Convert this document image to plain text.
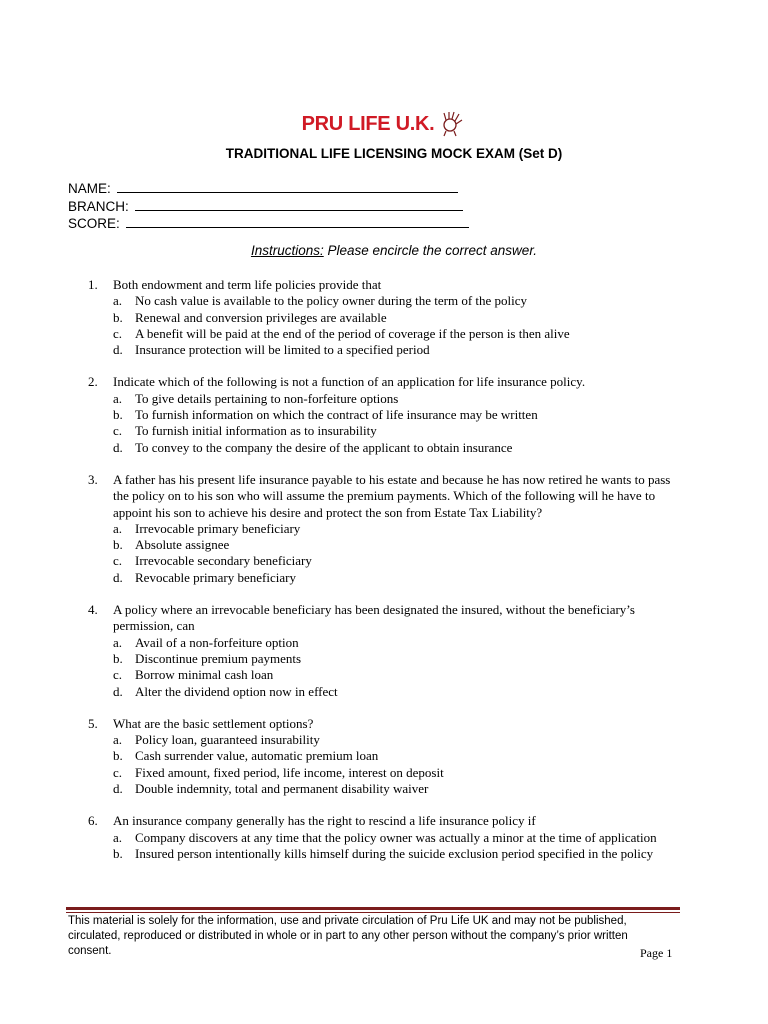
PRU LIFE U.K.
TRADITIONAL LIFE LICENSING MOCK EXAM (Set D)
NAME:
BRANCH:
SCORE:
Instructions: Please encircle the correct answer.
1. Both endowment and term life policies provide that
a. No cash value is available to the policy owner during the term of the policy
b. Renewal and conversion privileges are available
c. A benefit will be paid at the end of the period of coverage if the person is then alive
d. Insurance protection will be limited to a specified period
2. Indicate which of the following is not a function of an application for life insurance policy.
a. To give details pertaining to non-forfeiture options
b. To furnish information on which the contract of life insurance may be written
c. To furnish initial information as to insurability
d. To convey to the company the desire of the applicant to obtain insurance
3. A father has his present life insurance payable to his estate and because he has now retired he wants to pass the policy on to his son who will assume the premium payments. Which of the following will he have to appoint his son to achieve his desire and protect the son from Estate Tax Liability?
a. Irrevocable primary beneficiary
b. Absolute assignee
c. Irrevocable secondary beneficiary
d. Revocable primary beneficiary
4. A policy where an irrevocable beneficiary has been designated the insured, without the beneficiary’s permission, can
a. Avail of a non-forfeiture option
b. Discontinue premium payments
c. Borrow minimal cash loan
d. Alter the dividend option now in effect
5. What are the basic settlement options?
a. Policy loan, guaranteed insurability
b. Cash surrender value, automatic premium loan
c. Fixed amount, fixed period, life income, interest on deposit
d. Double indemnity, total and permanent disability waiver
6. An insurance company generally has the right to rescind a life insurance policy if
a. Company discovers at any time that the policy owner was actually a minor at the time of application
b. Insured person intentionally kills himself during the suicide exclusion period specified in the policy
This material is solely for the information, use and private circulation of Pru Life UK and may not be published, circulated, reproduced or distributed in whole or in part to any other person without the company’s prior written consent.	Page 1
